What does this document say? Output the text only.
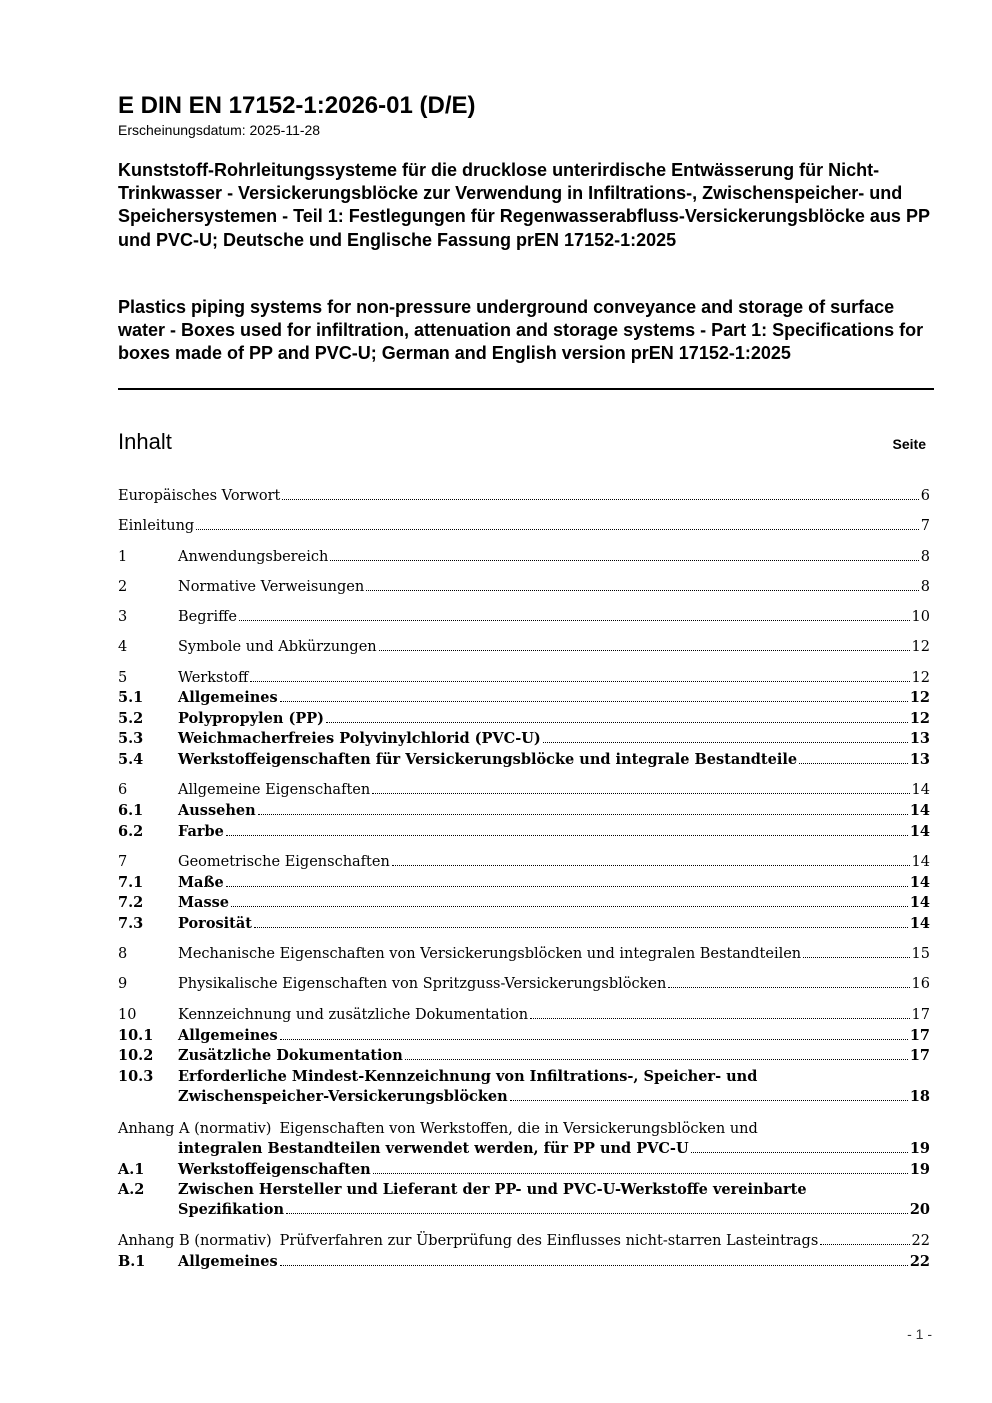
E DIN EN 17152-1:2026-01 (D/E)
Erscheinungsdatum: 2025-11-28
Kunststoff-Rohrleitungssysteme für die drucklose unterirdische Entwässerung für Nicht-Trinkwasser - Versickerungsblöcke zur Verwendung in Infiltrations-, Zwischenspeicher- und Speichersystemen - Teil 1: Festlegungen für Regenwasserabfluss-Versickerungsblöcke aus PP und PVC-U; Deutsche und Englische Fassung prEN 17152-1:2025
Plastics piping systems for non-pressure underground conveyance and storage of surface water - Boxes used for infiltration, attenuation and storage systems - Part 1: Specifications for boxes made of PP and PVC-U; German and English version prEN 17152-1:2025
Inhalt	Seite
Europäisches Vorwort	6
Einleitung	7
1	Anwendungsbereich	8
2	Normative Verweisungen	8
3	Begriffe	10
4	Symbole und Abkürzungen	12
5	Werkstoff	12
5.1	Allgemeines	12
5.2	Polypropylen (PP)	12
5.3	Weichmacherfreies Polyvinylchlorid (PVC-U)	13
5.4	Werkstoffeigenschaften für Versickerungsblöcke und integrale Bestandteile	13
6	Allgemeine Eigenschaften	14
6.1	Aussehen	14
6.2	Farbe	14
7	Geometrische Eigenschaften	14
7.1	Maße	14
7.2	Masse	14
7.3	Porosität	14
8	Mechanische Eigenschaften von Versickerungsblöcken und integralen Bestandteilen	15
9	Physikalische Eigenschaften von Spritzguss-Versickerungsblöcken	16
10	Kennzeichnung und zusätzliche Dokumentation	17
10.1	Allgemeines	17
10.2	Zusätzliche Dokumentation	17
10.3	Erforderliche Mindest-Kennzeichnung von Infiltrations-, Speicher- und
Zwischenspeicher-Versickerungsblöcken	18
Anhang A (normativ) Eigenschaften von Werkstoffen, die in Versickerungsblöcken und
integralen Bestandteilen verwendet werden, für PP und PVC-U	19
A.1	Werkstoffeigenschaften	19
A.2	Zwischen Hersteller und Lieferant der PP- und PVC-U-Werkstoffe vereinbarte
Spezifikation	20
Anhang B (normativ) Prüfverfahren zur Überprüfung des Einflusses nicht-starren Lasteintrags	22
B.1	Allgemeines	22
- 1 -
